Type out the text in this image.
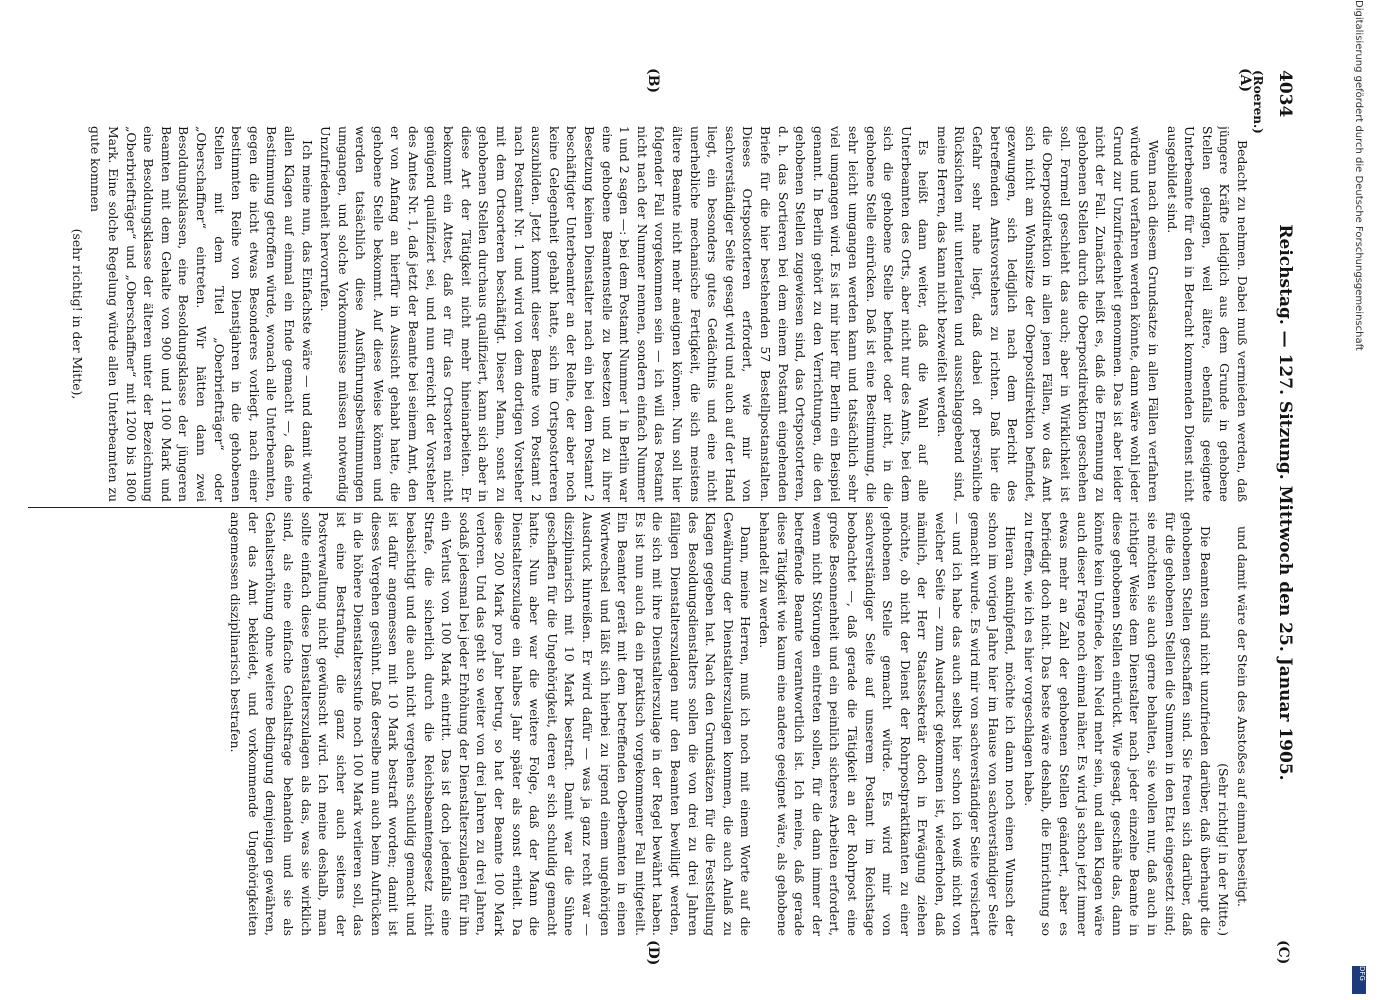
4034
Reichstag. — 127. Sitzung. Mittwoch den 25. Januar 1905.
(Roeren.)
(A)
(B)
(C)
(D)

Bedacht zu nehmen. Dabei muß vermieden werden, daß jüngere Kräfte lediglich aus dem Grunde in gehobene Stellen gelangen, weil ältere, ebenfalls geeignete Unterbeamte für den in Betracht kommenden Dienst nicht ausgebildet sind.

Wenn nach diesem Grundsatze in allen Fällen verfahren würde und verfahren werden könnte, dann wäre wohl jeder Grund zur Unzufriedenheit genommen. Das ist aber leider nicht der Fall. Zunächst heißt es, daß die Ernennung zu gehobenen Stellen durch die Oberpostdirektion geschehen soll. Formell geschieht das auch; aber in Wirklichkeit ist die Oberpostdirektion in allen jenen Fällen, wo das Amt sich nicht am Wohnsitze der Oberpostdirektion befindet, gezwungen, sich lediglich nach dem Bericht des betreffenden Amtsvorstehers zu richten. Daß hier die Gefahr sehr nahe liegt, daß dabei oft persönliche Rücksichten mit unterlaufen und ausschlaggebend sind, meine Herren, das kann nicht bezweifelt werden.

Es heißt dann weiter, daß die Wahl auf alle Unterbeamten des Orts, aber nicht nur des Amts, bei dem sich die gehobene Stelle befindet oder nicht, in die gehobene Stelle einrücken. Daß ist eine Bestimmung, die sehr leicht umgangen werden kann und tatsächlich sehr viel umgangen wird. Es ist mir hier für Berlin ein Beispiel genannt. In Berlin gehört zu den Verrichtungen, die den gehobenen Stellen zugewiesen sind, das Ortspostorteren, d. h. das Sortieren bei dem einem Postamt eingehenden Briefe für die hier bestehenden 57 Bestellpostanstalten. Dieses Ortspostorteren erfordert, wie mir von sachverständiger Seite gesagt wird und auch auf der Hand liegt, ein besonders gutes Gedächtnis und eine nicht unerhebliche mechanische Fertigkeit, die sich meistens ältere Beamte nicht mehr aneignen können. Nun soll hier folgender Fall vorgekommen sein — ich will das Postamt nicht nach der Nummer nennen, sondern einfach Nummer 1 und 2 sagen —: bei dem Postamt Nummer 1 in Berlin war eine gehobene Beamtenstelle zu besetzen und zu ihrer Besetzung keinen Dienstalter nach ein bei dem Postamt 2 beschäftigter Unterbeamter an der Reihe, der aber noch keine Gelegenheit gehabt hatte, sich im Ortspostorteren auszubilden. Jetzt kommt dieser Beamte von Postamt 2 nach Postamt Nr. 1 und wird von dem dortigen Vorsteher mit dem Ortsorteren beschäftigt. Dieser Mann, sonst zu gehobenen Stellen durchaus qualifiziert, kann sich aber in diese Art der Tätigkeit nicht mehr hineinarbeiten. Er bekommt ein Attest, daß er für das Ortsorteren nicht genügend qualifiziert sei, und nun erreicht der Vorsteher des Amtes Nr. 1, daß jetzt der Beamte bei seinem Amt, den er von Anfang an hierfür in Aussicht gehabt hatte, die gehobene Stelle bekommt. Auf diese Weise können und werden tatsächlich diese Ausführungsbestimmungen umgangen, und solche Vorkommnisse müssen notwendig Unzufriedenheit hervorrufen.

Ich meine nun, das Einfachste wäre — und damit würde allen Klagen auf einmal ein Ende gemacht —, daß eine Bestimmung getroffen würde, wonach alle Unterbeamten, gegen die nicht etwas Besonderes vorliegt, nach einer bestimmten Reihe von Dienstjahren in die gehobenen Stellen mit dem Titel „Oberbriefträger“ oder „Oberschaffner“ eintreten. Wir hätten dann zwei Besoldungsklassen, eine Besoldungsklasse der jüngeren Beamten mit dem Gehalte von 900 und 1100 Mark und eine Besoldungsklasse der älteren unter der Bezeichnung „Oberbriefträger“ und „Oberschaffner“ mit 1200 bis 1800 Mark. Eine solche Regelung würde allen Unterbeamten zu gute kommen

(sehr richtig! in der Mitte),

und damit wäre der Stein des Anstoßes auf einmal beseitigt.

(Sehr richtig! in der Mitte.)

Die Beamten sind nicht unzufrieden darüber, daß überhaupt die gehobenen Stellen geschaffen sind. Sie freuen sich darüber, daß für die gehobenen Stellen die Summen in den Etat eingesetzt sind; sie möchten sie auch gerne behalten, sie wollen nur, daß auch in richtiger Weise dem Dienstalter nach jeder einzelne Beamte in diese gehobenen Stellen einrückt. Wie gesagt, geschähe das, dann könnte kein Unfriede, kein Neid mehr sein, und allen Klagen wäre auch dieser Frage noch einmal näher. Es wird ja schon jetzt immer etwas mehr an Zahl der gehobenen Stellen geändert, aber es befriedigt doch nicht. Das beste wäre deshalb, die Einrichtung so zu treffen, wie ich es hier vorgeschlagen habe.

Hieran anknüpfend, möchte ich dann noch einen Wunsch der schon im vorigen Jahre hier im Hause von sachverständiger Seite gemacht wurde. Es wird mir von sachverständiger Seite versichert — und ich habe das auch selbst hier schon ich weiß nicht von welcher Seite — zum Ausdruck gekommen ist, wiederholen, daß nämlich, der Herr Staatssekretär doch in Erwägung ziehen möchte, ob nicht der Dienst der Rohrpostpraktikanten zu einer gehobenen Stelle gemacht würde. Es wird mir von sachverständiger Seite auf unserem Postamt im Reichstage beobachtet —, daß gerade die Tätigkeit an der Rohrpost eine große Besonnenheit und ein peinlich sicheres Arbeiten erfordert, wenn nicht Störungen eintreten sollen, für die dann immer der betreffende Beamte verantwortlich ist. Ich meine, daß gerade diese Tätigkeit wie kaum eine andere geeignet wäre, als gehobene behandelt zu werden.

Dann, meine Herren, muß ich noch mit einem Worte auf die Gewährung der Dienstalterszulagen kommen, die auch Anlaß zu Klagen gegeben hat. Nach den Grundsätzen für die Feststellung des Besoldungsdienstalters sollen die von drei zu drei Jahren fälligen Dienstalterszulagen nur den Beamten bewilligt werden, die sich mit ihre Dienstalterszulage in der Regel bewährt haben. Es ist nun auch da ein praktisch vorgekommener Fall mitgeteilt. Ein Beamter gerät mit dem betreffenden Oberbeamten in einen Wortwechsel und läßt sich hierbei zu irgend einem ungehörigen Ausdruck hinreißen. Er wird dafür — was ja ganz recht war — disziplinarisch mit 10 Mark bestraft. Damit war die Sühne geschaffen für die Ungehörigkeit, deren er sich schuldig gemacht hatte. Nun aber war die weitere Folge, daß der Mann die Dienstalterszulage ein halbes Jahr später als sonst erhielt. Da diese 200 Mark pro Jahr betrug, so hat der Beamte 100 Mark verloren. Und das geht so weiter von drei Jahren zu drei Jahren, sodaß jedesmal bei jeder Erhöhung der Dienstalterszulagen für ihn ein Verlust von 100 Mark eintritt. Das ist doch jedenfalls eine Strafe, die sicherlich durch die Reichsbeamtengesetz nicht beabsichtigt und die auch nicht vergehens schuldig gemacht und ist dafür angemessen mit 10 Mark bestraft worden; damit ist dieses Vergehen gesühnt. Daß derselbe nun auch beim Aufrücken in die höhere Dienstaltersstufe noch 100 Mark verlieren soll, das ist eine Bestrafung, die ganz sicher auch seitens der Postverwaltung nicht gewünscht wird. Ich meine deshalb, man sollte einfach diese Dienstalterszulagen als das, was sie wirklich sind, als eine einfache Gehaltsfrage behandeln und sie als Gehaltserhöhung ohne weitere Bedingung demjenigen gewähren, der das Amt bekleidet, und vorkommende Ungehörigkeiten angemessen disziplinarisch bestrafen.

Digitalisierung gefördert durch die Deutsche Forschungsgemeinschaft
DFG
